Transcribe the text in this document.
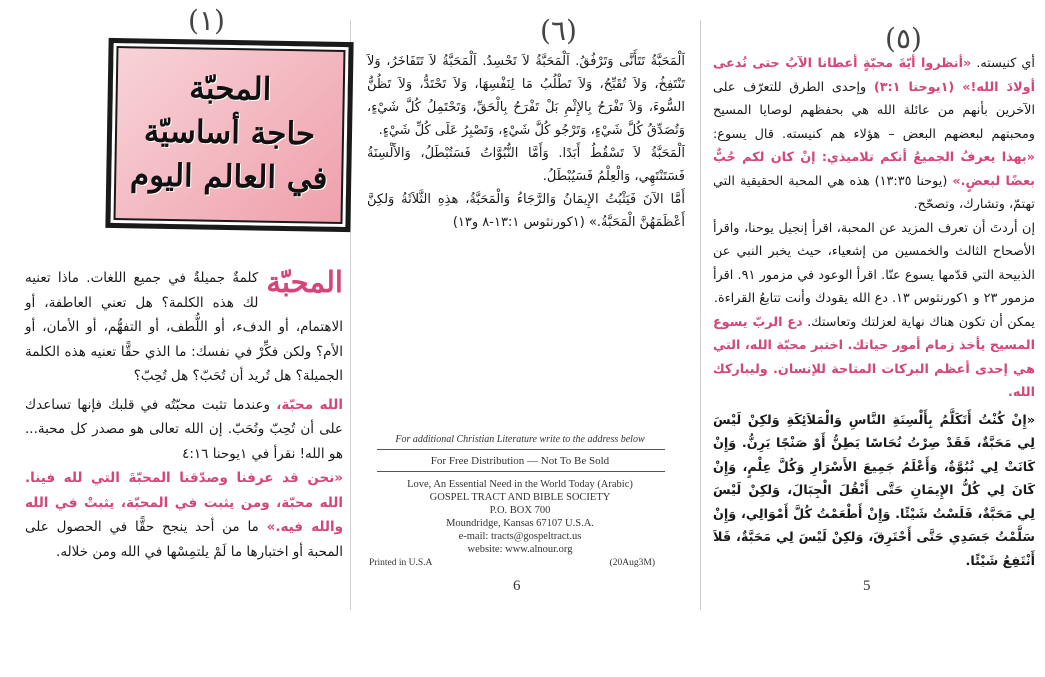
(١)
المحبّة
حاجة أساسيّة
في العالم اليوم
المحبّة
كلمةٌ جميلةٌ في جميع اللغات. ماذا تعنيه لك هذه الكلمة؟ هل تعني العاطفة، أو الاهتمام، أو الدفء، أو اللُّطف، أو التفهُّم، أو الأمان، أو الأم؟ ولكن فكِّرْ في نفسك: ما الذي حقًّا تعنيه هذه الكلمة الجميلة؟ هل تُريد أن تُحَبّ؟ هل تُحِبّ؟
الله محبّة، وعندما تثبت محبّتُه في قلبك فإنها تساعدك على أن تُحِبّ وتُحَبّ. إن الله تعالى هو مصدر كل محبة... هو الله! نقرأ في ١يوحنا ٤:١٦
«نحن قد عرفنا وصدّقنا المحبّةَ التي لله فينا. الله محبّة، ومن يثبت في المحبّة، يثبتْ في الله والله فيه.» ما من أحد ينجح حقًّا في الحصول على المحبة أو اختبارها ما لَمْ يلتمِسْها في الله ومن خلاله.
(٦)
اَلْمَحَبَّةُ تَتَأَنَّى وَتَرْفُقُ. اَلْمَحَبَّةُ لاَ تَحْسِدُ. اَلْمَحَبَّةُ لاَ تَتَفَاخَرُ، وَلاَ تَنْتَفِخُ، وَلاَ تُقَبِّحُ، وَلاَ تَطْلُبُ مَا لِنَفْسِهَا، وَلاَ تَحْتَدُّ، وَلاَ تَظُنُّ السُّوءَ، وَلاَ تَفْرَحُ بِالإِثْمِ بَلْ تَفْرَحُ بِالْحَقِّ، وَتَحْتَمِلُ كُلَّ شَيْءٍ، وَتُصَدِّقُ كُلَّ شَيْءٍ، وَتَرْجُو كُلَّ شَيْءٍ، وَتَصْبِرُ عَلَى كُلِّ شَيْءٍ.
اَلْمَحَبَّةُ لاَ تَسْقُطُ أَبَدًا. وَأَمَّا النُّبُوَّاتُ فَسَتُبْطَلُ، وَالأَلْسِنَةُ فَسَتَنْتَهِي، وَالْعِلْمُ فَسَيُبْطَلُ.
أَمَّا الآنَ فَيَثْبُتُ الإِيمَانُ وَالرَّجَاءُ وَالْمَحَبَّةُ، هذِهِ الثَّلاَثَةُ وَلكِنَّ أَعْظَمَهُنَّ الْمَحَبَّةُ.» (١كورنثوس ١٣:١-٨ و١٣)
For additional Christian Literature write to the address below
For Free Distribution — Not To Be Sold
Love, An Essential Need in the World Today (Arabic)
GOSPEL TRACT AND BIBLE SOCIETY
P.O. BOX 700
Moundridge, Kansas 67107 U.S.A.
e-mail: tracts@gospeltract.us
website: www.alnour.org
Printed in U.S.A	(20Aug3M)
6
(٥)
أي كنيسته. «أنظروا أيّةَ محبّةٍ أعطانا الآبُ حتى نُدعى أولادَ الله!» (١يوحنا ٣:١) وإحدى الطرق للتعرّف على الآخرين بأنهم من عائلة الله هي بحفظهم لوصايا المسيح ومحبتهم لبعضهم البعض – هؤلاء هم كنيسته. قال يسوع: «بهذا يعرفُ الجميعُ أنكم تلاميذي: إنْ كان لكم حُبٌّ بعضًا لبعضٍ.» (يوحنا ١٣:٣٥) هذه هي المحبة الحقيقية التي تهتمّ، وتشارك، وتصحّح.
إن أردتَ أن تعرف المزيد عن المحبة، اقرأ إنجيل يوحنا، واقرأ الأصحاح الثالث والخمسين من إشعياء، حيث يخبر النبي عن الذبيحة التي قدّمها يسوع عنّا. اقرأ الوعود في مزمور ٩١. اقرأ مزمور ٢٣ و ١كورنثوس ١٣. دع الله يقودك وأنت تتابعُ القراءة.
يمكن أن تكون هناك نهاية لعزلتك وتعاستك. دع الربّ يسوع المسيح يأخذ زمام أمور حياتك. اختبر محبّة الله، التي هي إحدى أعظم البركات المتاحة للإنسان. وليباركك الله.
«إِنْ كُنْتُ أَتَكَلَّمُ بِأَلْسِنَةِ النَّاسِ وَالْمَلاَئِكَةِ وَلكِنْ لَيْسَ لِي مَحَبَّةٌ، فَقَدْ صِرْتُ نُحَاسًا يَطِنُّ أَوْ صَنْجًا يَرِنُّ. وَإِنْ كَانَتْ لِي نُبُوَّةٌ، وَأَعْلَمُ جَمِيعَ الأَسْرَارِ وَكُلَّ عِلْمٍ، وَإِنْ كَانَ لِي كُلُّ الإِيمَانِ حَتَّى أَنْقُلَ الْجِبَالَ، وَلكِنْ لَيْسَ لِي مَحَبَّةٌ، فَلَسْتُ شَيْئًا. وَإِنْ أَطْعَمْتُ كُلَّ أَمْوَالِي، وَإِنْ سَلَّمْتُ جَسَدِي حَتَّى أَحْتَرِقَ، وَلكِنْ لَيْسَ لِي مَحَبَّةٌ، فَلاَ أَنْتَفِعُ شَيْئًا.
5
